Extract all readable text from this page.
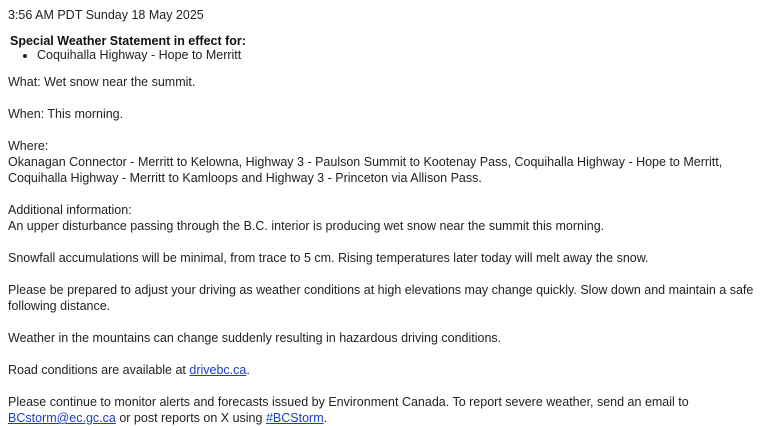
3:56 AM PDT Sunday 18 May 2025
Special Weather Statement in effect for:
• Coquihalla Highway - Hope to Merritt

What: Wet snow near the summit.

When: This morning.

Where:

Okanagan Connector - Merritt to Kelowna, Highway 3 - Paulson Summit to Kootenay Pass, Coquihalla Highway - Hope to Merritt, Coquihalla Highway - Merritt to Kamloops and Highway 3 - Princeton via Allison Pass.

Additional information:

An upper disturbance passing through the B.C. interior is producing wet snow near the summit this morning.

Snowfall accumulations will be minimal, from trace to 5 cm. Rising temperatures later today will melt away the snow.

Please be prepared to adjust your driving as weather conditions at high elevations may change quickly. Slow down and maintain a safe following distance.

Weather in the mountains can change suddenly resulting in hazardous driving conditions.

Road conditions are available at drivebc.ca.

Please continue to monitor alerts and forecasts issued by Environment Canada. To report severe weather, send an email to BCstorm@ec.gc.ca or post reports on X using #BCStorm.
